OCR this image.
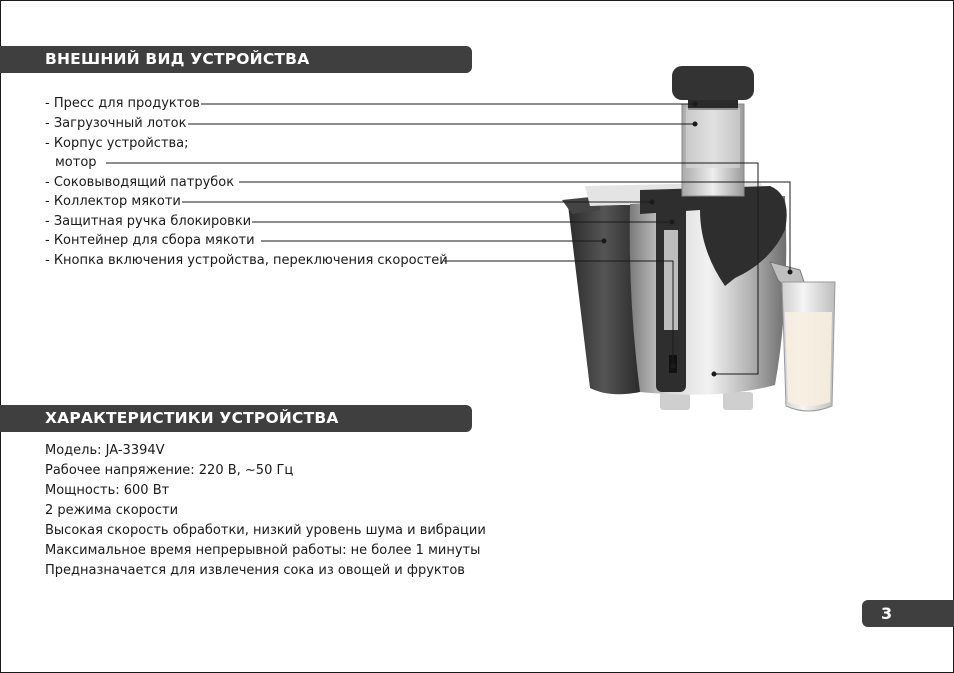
ВНЕШНИЙ ВИД УСТРОЙСТВА
- Пресс для продуктов
- Загрузочный лоток
- Корпус устройства;
мотор
- Соковыводящий патрубок
- Коллектор мякоти
- Защитная ручка блокировки
- Контейнер для сбора мякоти
- Кнопка включения устройства, переключения скоростей
ХАРАКТЕРИСТИКИ УСТРОЙСТВА
Модель: JA-3394V
Рабочее напряжение: 220 В, ~50 Гц
Мощность: 600 Вт
2 режима скорости
Высокая скорость обработки, низкий уровень шума и вибрации
Максимальное время непрерывной работы: не более 1 минуты
Предназначается для извлечения сока из овощей и фруктов
3
